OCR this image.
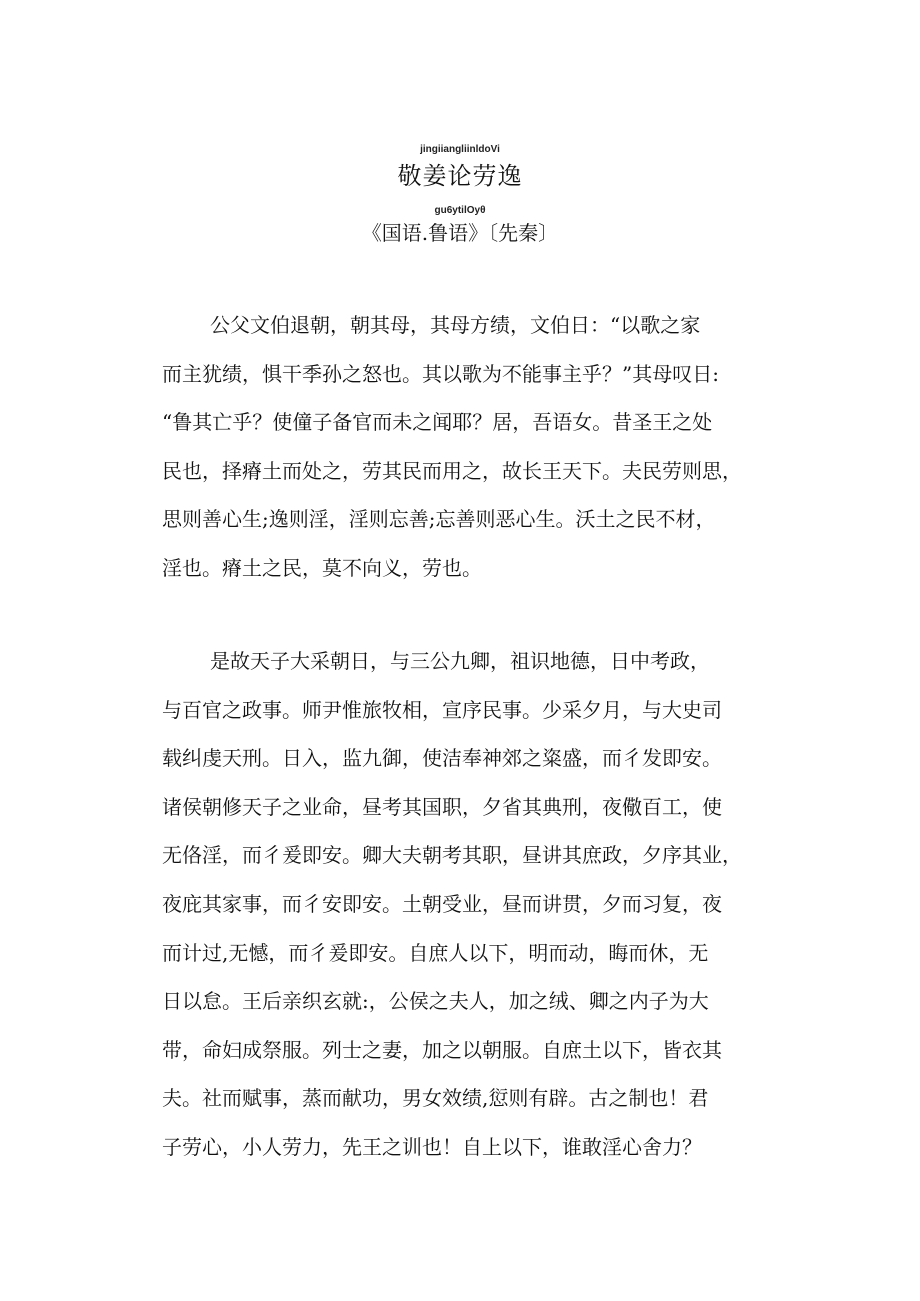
jingiiangliinldoVi
敬姜论劳逸
gu6ytilOyθ
《国语.鲁语》〔先秦〕
公父文伯退朝，朝其母，其母方绩，文伯日：“以歌之家
而主犹绩，惧干季孙之怒也。其以歌为不能事主乎？”其母叹日:
“鲁其亡乎？使僮子备官而未之闻耶？居，吾语女。昔圣王之处
民也，择瘠土而处之，劳其民而用之，故长王天下。夫民劳则思，
思则善心生;逸则淫，淫则忘善;忘善则恶心生。沃土之民不材，
淫也。瘠土之民，莫不向义，劳也。
是故天子大采朝日，与三公九卿，祖识地德，日中考政，
与百官之政事。师尹惟旅牧相，宣序民事。少采夕月，与大史司
载纠虔天刑。日入，监九御，使洁奉神郊之粢盛，而彳发即安。
诸侯朝修天子之业命，昼考其国职，夕省其典刑，夜儆百工，使
无佫淫，而彳爰即安。卿大夫朝考其职，昼讲其庶政，夕序其业，
夜庇其家事，而彳安即安。土朝受业，昼而讲贯，夕而习复，夜
而计过,无憾，而彳爰即安。自庶人以下，明而动，晦而休，无
日以怠。王后亲织玄就:，公侯之夫人，加之绒、卿之内子为大
带，命妇成祭服。列士之妻，加之以朝服。自庶土以下，皆衣其
夫。社而赋事，蒸而献功，男女效绩,愆则有辟。古之制也！君
子劳心，小人劳力，先王之训也！自上以下，谁敢淫心舍力？
